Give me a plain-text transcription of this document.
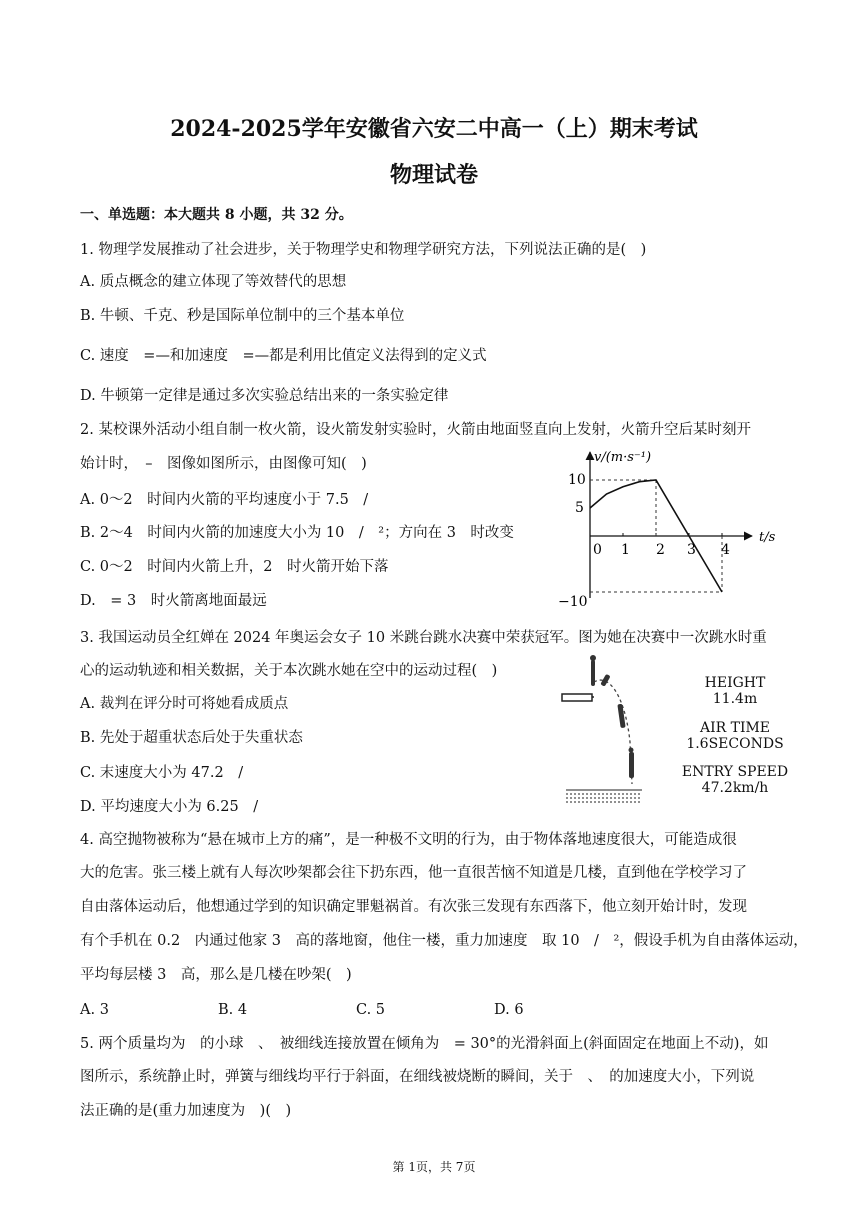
2024-2025学年安徽省六安二中高一（上）期末考试
物理试卷
一、单选题：本大题共 8 小题，共 32 分。
1. 物理学发展推动了社会进步，关于物理学史和物理学研究方法，下列说法正确的是(　)
A. 质点概念的建立体现了等效替代的思想
B. 牛顿、千克、秒是国际单位制中的三个基本单位
C. 速度　=—和加速度　=—都是利用比值定义法得到的定义式
D. 牛顿第一定律是通过多次实验总结出来的一条实验定律
2. 某校课外活动小组自制一枚火箭，设火箭发射实验时，火箭由地面竖直向上发射，火箭升空后某时刻开
始计时，　–　图像如图所示，由图像可知(　)
A. 0～2　时间内火箭的平均速度小于 7.5　/
B. 2～4　时间内火箭的加速度大小为 10　/　²；方向在 3　时改变
C. 0～2　时间内火箭上升，2　时火箭开始下落
D.　= 3　时火箭离地面最远
v/(m·s⁻¹)
t/s
10
5
−10
0 1 2 3 4
3. 我国运动员全红婵在 2024 年奥运会女子 10 米跳台跳水决赛中荣获冠军。图为她在决赛中一次跳水时重
心的运动轨迹和相关数据，关于本次跳水她在空中的运动过程(　)
A. 裁判在评分时可将她看成质点
B. 先处于超重状态后处于失重状态
C. 末速度大小为 47.2　/
D. 平均速度大小为 6.25　/
HEIGHT
11.4m
AIR TIME
1.6SECONDS
ENTRY SPEED
47.2km/h
4. 高空抛物被称为“悬在城市上方的痛”，是一种极不文明的行为，由于物体落地速度很大，可能造成很
大的危害。张三楼上就有人每次吵架都会往下扔东西，他一直很苦恼不知道是几楼，直到他在学校学习了
自由落体运动后，他想通过学到的知识确定罪魁祸首。有次张三发现有东西落下，他立刻开始计时，发现
有个手机在 0.2　内通过他家 3　高的落地窗，他住一楼，重力加速度　取 10　/　²，假设手机为自由落体运动，
平均每层楼 3　高，那么是几楼在吵架(　)
A. 3	B. 4	C. 5	D. 6
5. 两个质量均为　的小球　、　被细线连接放置在倾角为　= 30°的光滑斜面上(斜面固定在地面上不动)，如
图所示，系统静止时，弹簧与细线均平行于斜面，在细线被烧断的瞬间，关于　、　的加速度大小，下列说
法正确的是(重力加速度为　)(　)
第 1页，共 7页
